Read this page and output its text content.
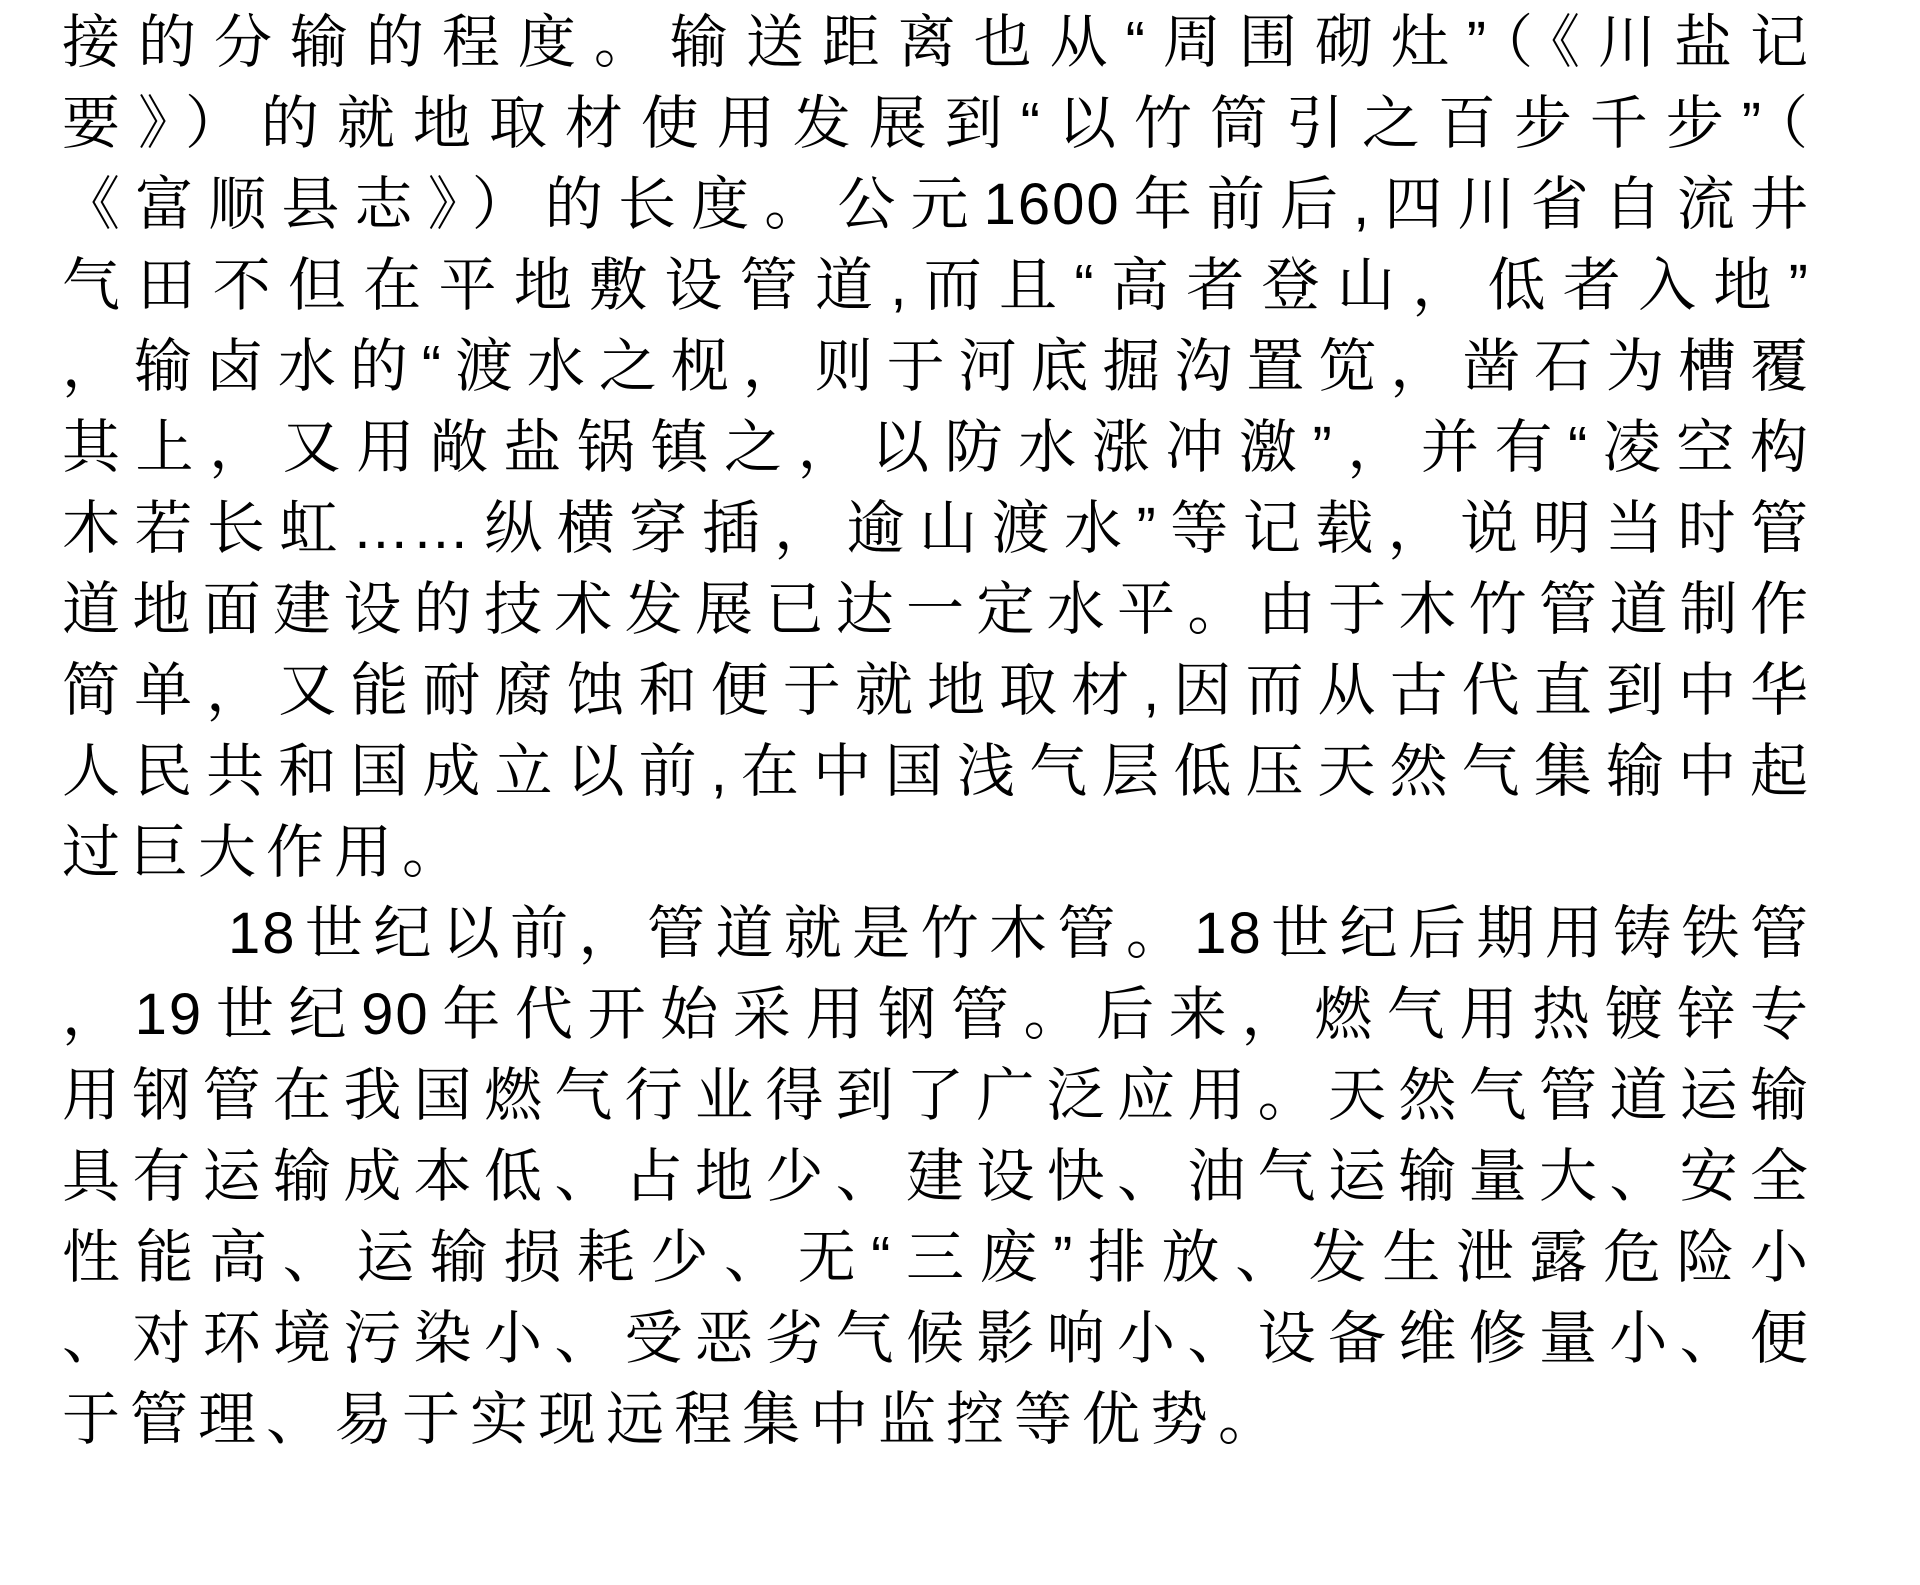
接的分输的程度。输送距离也从“周围砌灶”（《川盐记
要》）的就地取材使用发展到“以竹筒引之百步千步”（
《富顺县志》）的长度。公元1600年前后,四川省自流井
气田不但在平地敷设管道,而且“高者登山，低者入地”
，输卤水的“渡水之枧，则于河底掘沟置笕，凿石为槽覆
其上，又用敞盐锅镇之，以防水涨冲激”，并有“凌空构
木若长虹……纵横穿插，逾山渡水”等记载，说明当时管
道地面建设的技术发展已达一定水平。由于木竹管道制作
简单，又能耐腐蚀和便于就地取材,因而从古代直到中华
人民共和国成立以前,在中国浅气层低压天然气集输中起
过巨大作用。
18世纪以前，管道就是竹木管。18世纪后期用铸铁管
，19世纪90年代开始采用钢管。后来，燃气用热镀锌专
用钢管在我国燃气行业得到了广泛应用。天然气管道运输
具有运输成本低、占地少、建设快、油气运输量大、安全
性能高、运输损耗少、无“三废”排放、发生泄露危险小
、对环境污染小、受恶劣气候影响小、设备维修量小、便
于管理、易于实现远程集中监控等优势。
